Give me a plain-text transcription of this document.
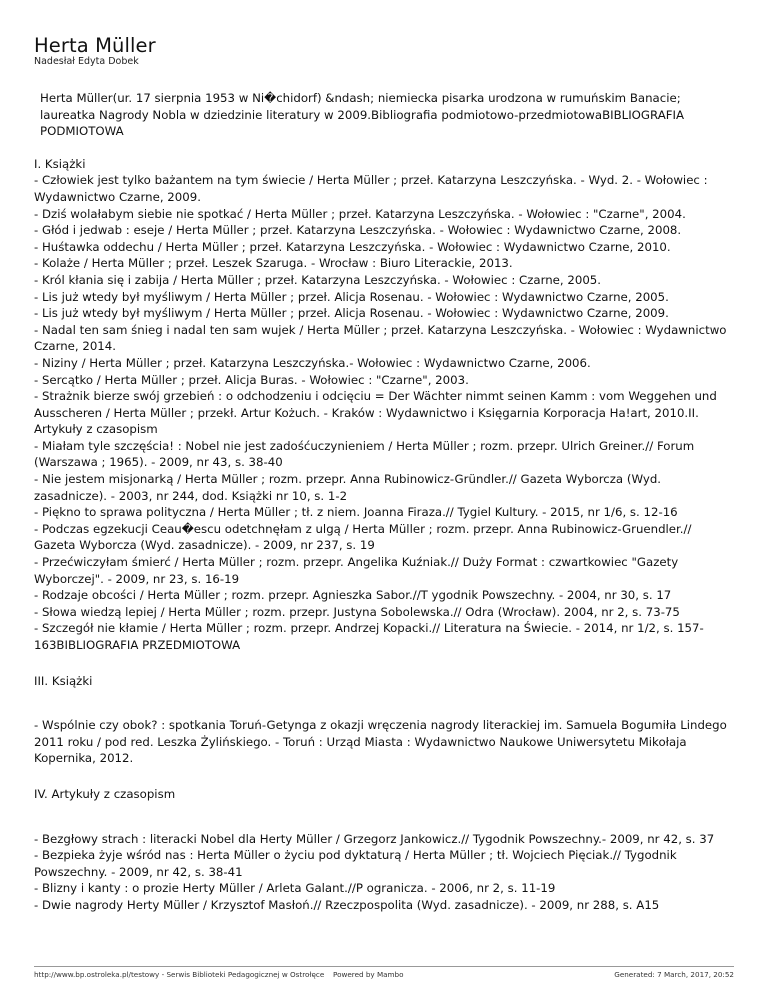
Herta Müller
Nadesłał Edyta Dobek

Herta Müller(ur. 17 sierpnia 1953 w Ni�chidorf) &ndash; niemiecka pisarka urodzona w rumuńskim Banacie; laureatka Nagrody Nobla w dziedzinie literatury w 2009.Bibliografia podmiotowo-przedmiotowaBIBLIOGRAFIA PODMIOTOWA

I. Książki

- Człowiek jest tylko bażantem na tym świecie / Herta Müller ; przeł. Katarzyna Leszczyńska. - Wyd. 2. - Wołowiec : Wydawnictwo Czarne, 2009.

- Dziś wolałabym siebie nie spotkać / Herta Müller ; przeł. Katarzyna Leszczyńska. - Wołowiec : "Czarne", 2004.

- Głód i jedwab : eseje / Herta Müller ; przeł. Katarzyna Leszczyńska. - Wołowiec : Wydawnictwo Czarne, 2008.

- Huśtawka oddechu / Herta Müller ; przeł. Katarzyna Leszczyńska. - Wołowiec : Wydawnictwo Czarne, 2010.

- Kolaże / Herta Müller ; przeł. Leszek Szaruga. - Wrocław : Biuro Literackie, 2013.

- Król kłania się i zabija / Herta Müller ; przeł. Katarzyna Leszczyńska. - Wołowiec : Czarne, 2005.

- Lis już wtedy był myśliwym / Herta Müller ; przeł. Alicja Rosenau. - Wołowiec : Wydawnictwo Czarne, 2005.

- Lis już wtedy był myśliwym / Herta Müller ; przeł. Alicja Rosenau. - Wołowiec : Wydawnictwo Czarne, 2009.

- Nadal ten sam śnieg i nadal ten sam wujek / Herta Müller ; przeł. Katarzyna Leszczyńska. - Wołowiec : Wydawnictwo Czarne, 2014.

- Niziny / Herta Müller ; przeł. Katarzyna Leszczyńska.- Wołowiec : Wydawnictwo Czarne, 2006.

- Sercątko / Herta Müller ; przeł. Alicja Buras. - Wołowiec : "Czarne", 2003.

- Strażnik bierze swój grzebień : o odchodzeniu i odcięciu = Der Wächter nimmt seinen Kamm : vom Weggehen und Ausscheren / Herta Müller ; przekł. Artur Kożuch. - Kraków : Wydawnictwo i Księgarnia Korporacja Ha!art, 2010.II. Artykuły z czasopism

- Miałam tyle szczęścia! : Nobel nie jest zadośćuczynieniem / Herta Müller ; rozm. przepr. Ulrich Greiner.// Forum (Warszawa ; 1965). - 2009, nr 43, s. 38-40

- Nie jestem misjonarką / Herta Müller ; rozm. przepr. Anna Rubinowicz-Gründler.// Gazeta Wyborcza (Wyd. zasadnicze). - 2003, nr 244, dod. Książki nr 10, s. 1-2

- Piękno to sprawa polityczna / Herta Müller ; tł. z niem. Joanna Firaza.// Tygiel Kultury. - 2015, nr 1/6, s. 12-16

- Podczas egzekucji Ceau�escu odetchnęłam z ulgą / Herta Müller ; rozm. przepr. Anna Rubinowicz-Gruendler.// Gazeta Wyborcza (Wyd. zasadnicze). - 2009, nr 237, s. 19

- Przećwiczyłam śmierć / Herta Müller ; rozm. przepr. Angelika Kuźniak.// Duży Format : czwartkowiec "Gazety Wyborczej". - 2009, nr 23, s. 16-19

- Rodzaje obcości / Herta Müller ; rozm. przepr. Agnieszka Sabor.//T ygodnik Powszechny. - 2004, nr 30, s. 17

- Słowa wiedzą lepiej / Herta Müller ; rozm. przepr. Justyna Sobolewska.// Odra (Wrocław). 2004, nr 2, s. 73-75

- Szczegół nie kłamie / Herta Müller ; rozm. przepr. Andrzej Kopacki.// Literatura na Świecie. - 2014, nr 1/2, s. 157-163BIBLIOGRAFIA PRZEDMIOTOWA

III. Książki

- Wspólnie czy obok? : spotkania Toruń-Getynga z okazji wręczenia nagrody literackiej im. Samuela Bogumiła Lindego 2011 roku / pod red. Leszka Żylińskiego. - Toruń : Urząd Miasta : Wydawnictwo Naukowe Uniwersytetu Mikołaja Kopernika, 2012.

IV. Artykuły z czasopism

- Bezgłowy strach : literacki Nobel dla Herty Müller / Grzegorz Jankowicz.// Tygodnik Powszechny.- 2009, nr 42, s. 37

- Bezpieka żyje wśród nas : Herta Müller o życiu pod dyktaturą / Herta Müller ; tł. Wojciech Pięciak.// Tygodnik Powszechny. - 2009, nr 42, s. 38-41

- Blizny i kanty : o prozie Herty Müller / Arleta Galant.//P ogranicza. - 2006, nr 2, s. 11-19

- Dwie nagrody Herty Müller / Krzysztof Masłoń.// Rzeczpospolita (Wyd. zasadnicze). - 2009, nr 288, s. A15

http://www.bp.ostroleka.pl/testowy - Serwis Biblioteki Pedagogicznej w Ostrołęce Powered by Mambo	Generated: 7 March, 2017, 20:52
